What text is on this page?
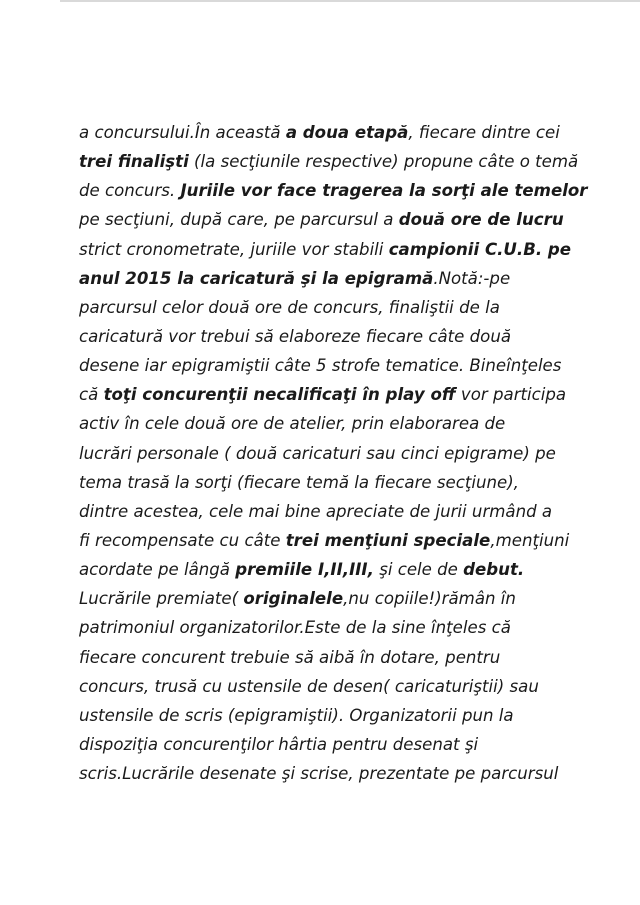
a concursului.În această a doua etapă, fiecare dintre cei
trei finalişti (la secţiunile respective) propune câte o temă
de concurs. Juriile vor face tragerea la sorţi ale temelor
pe secţiuni, după care, pe parcursul a două ore de lucru
strict cronometrate, juriile vor stabili campionii C.U.B. pe
anul 2015 la caricatură şi la epigramă.Notă:-pe
parcursul celor două ore de concurs, finaliştii de la
caricatură vor trebui să elaboreze fiecare câte două
desene iar epigramiştii câte 5 strofe tematice. Bineînţeles
că toţi concurenţii necalificaţi în play off vor participa
activ în cele două ore de atelier, prin elaborarea de
lucrări personale ( două caricaturi sau cinci epigrame) pe
tema trasă la sorţi (fiecare temă la fiecare secţiune),
dintre acestea, cele mai bine apreciate de jurii urmând a
fi recompensate cu câte trei menţiuni speciale,menţiuni
acordate pe lângă premiile I,II,III, şi cele de debut.
Lucrările premiate( originalele,nu copiile!)rămân în
patrimoniul organizatorilor.Este de la sine înţeles că
fiecare concurent trebuie să aibă în dotare, pentru
concurs, trusă cu ustensile de desen( caricaturiştii) sau
ustensile de scris (epigramiştii). Organizatorii pun la
dispoziţia concurenţilor hârtia pentru desenat şi
scris.Lucrările desenate şi scrise, prezentate pe parcursul
